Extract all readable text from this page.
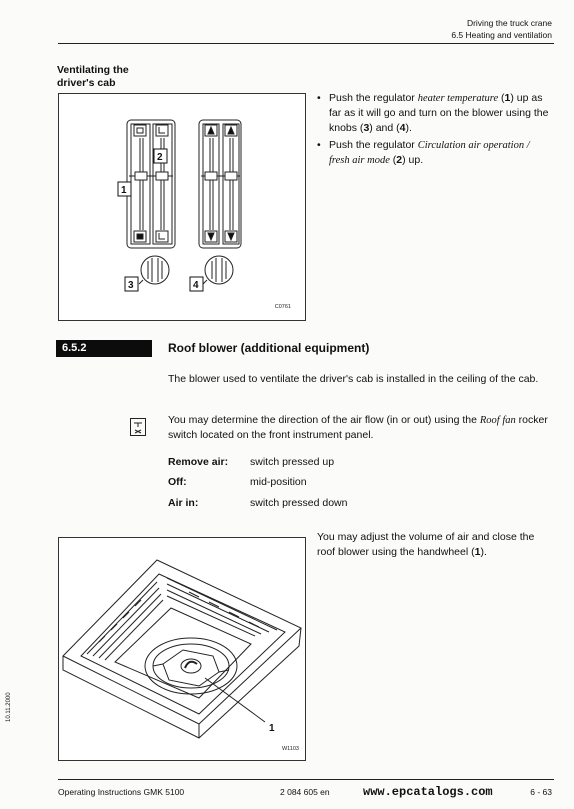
Driving the truck crane
6.5 Heating and ventilation
Ventilating the
driver's cab
1
2
3	4
C0761
• Push the regulator heater temperature (1) up as far as it will go and turn on the blower using the knobs (3) and (4).
• Push the regulator Circulation air operation / fresh air mode (2) up.
6.5.2	Roof blower (additional equipment)
The blower used to ventilate the driver's cab is installed in the ceiling of the cab.
You may determine the direction of the air flow (in or out) using the Roof fan rocker switch located on the front instrument panel.
Remove air: switch pressed up
Off:	mid-position
Air in:	switch pressed down
1
W1103
You may adjust the volume of air and close the roof blower using the handwheel (1).
10.11.2000
Operating Instructions GMK 5100	2 084 605 en	www.epcatalogs.com	6 - 63
